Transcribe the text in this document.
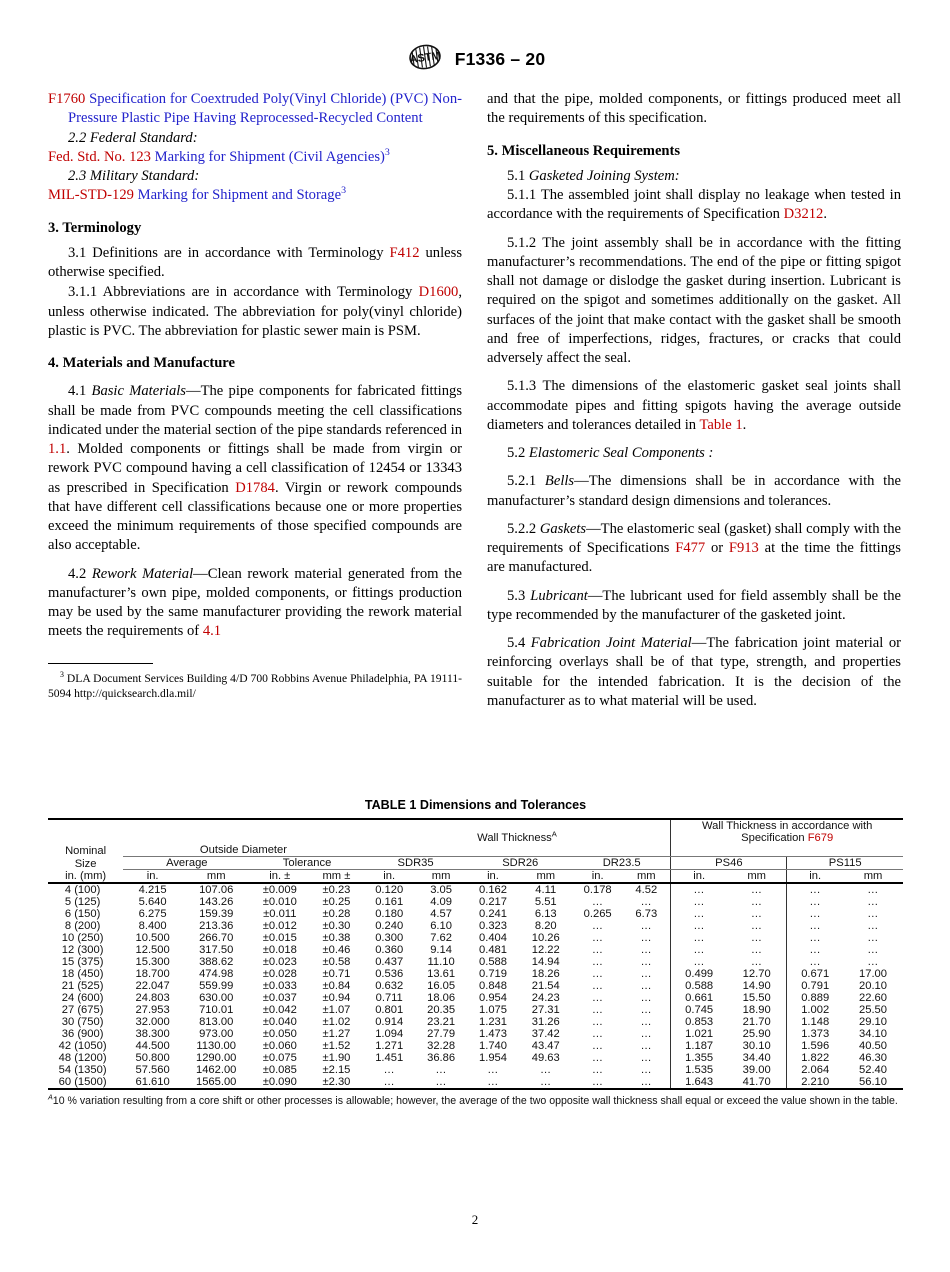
ASTM F1336 – 20

F1760 Specification for Coextruded Poly(Vinyl Chloride) (PVC) Non-Pressure Plastic Pipe Having Reprocessed-Recycled Content

2.2 Federal Standard:

Fed. Std. No. 123 Marking for Shipment (Civil Agencies)$^3$

2.3 Military Standard:

MIL-STD-129 Marking for Shipment and Storage$^3$

3. Terminology

3.1 Definitions are in accordance with Terminology F412 unless otherwise specified.

3.1.1 Abbreviations are in accordance with Terminology D1600, unless otherwise indicated. The abbreviation for poly(vinyl chloride) plastic is PVC. The abbreviation for plastic sewer main is PSM.

4. Materials and Manufacture

4.1 Basic Materials—The pipe components for fabricated fittings shall be made from PVC compounds meeting the cell classifications indicated under the material section of the pipe standards referenced in 1.1. Molded components or fittings shall be made from virgin or rework PVC compound having a cell classification of 12454 or 13343 as prescribed in Specification D1784. Virgin or rework compounds that have different cell classifications because one or more properties exceed the minimum requirements of those specified compounds are also acceptable.

4.2 Rework Material—Clean rework material generated from the manufacturer’s own pipe, molded components, or fittings production may be used by the same manufacturer providing the rework material meets the requirements of 4.1

$^3$ DLA Document Services Building 4/D 700 Robbins Avenue Philadelphia, PA 19111-5094 http://quicksearch.dla.mil/

and that the pipe, molded components, or fittings produced meet all the requirements of this specification.

5. Miscellaneous Requirements

5.1 Gasketed Joining System:

5.1.1 The assembled joint shall display no leakage when tested in accordance with the requirements of Specification D3212.

5.1.2 The joint assembly shall be in accordance with the fitting manufacturer’s recommendations. The end of the pipe or fitting spigot shall not damage or dislodge the gasket during insertion. Lubricant is required on the spigot and sometimes additionally on the gasket. All surfaces of the joint that make contact with the gasket shall be smooth and free of imperfections, ridges, fractures, or cracks that could adversely affect the seal.

5.1.3 The dimensions of the elastomeric gasket seal joints shall accommodate pipes and fitting spigots having the average outside diameters and tolerances detailed in Table 1.

5.2 Elastomeric Seal Components :

5.2.1 Bells—The dimensions shall be in accordance with the manufacturer’s standard design dimensions and tolerances.

5.2.2 Gaskets—The elastomeric seal (gasket) shall comply with the requirements of Specifications F477 or F913 at the time the fittings are manufactured.

5.3 Lubricant—The lubricant used for field assembly shall be the type recommended by the manufacturer of the gasketed joint.

5.4 Fabrication Joint Material—The fabrication joint material or reinforcing overlays shall be of that type, strength, and properties suitable for the intended fabrication. It is the decision of the manufacturer as to what material will be used.

TABLE 1 Dimensions and Tolerances
					Wall Thickness$^A$						Wall Thickness in accordance with
Specification F679			

Nominal	Outside Diameter													
Size	Average		Tolerance		SDR35		SDR26		DR23.5		PS46		PS115	
in. (mm)	in.	mm	in. ±	mm ±	in.	mm	in.	mm	in.	mm	in.	mm	in.	mm
4 (100)	4.215	107.06	±0.009	±0.23	0.120	3.05	0.162	4.11	0.178	4.52	...	...	...	...
5 (125)	5.640	143.26	±0.010	±0.25	0.161	4.09	0.217	5.51	...	...	...	...	...	...
6 (150)	6.275	159.39	±0.011	±0.28	0.180	4.57	0.241	6.13	0.265	6.73	...	...	...	...
8 (200)	8.400	213.36	±0.012	±0.30	0.240	6.10	0.323	8.20	...	...	...	...	...	...
10 (250)	10.500	266.70	±0.015	±0.38	0.300	7.62	0.404	10.26	...	...	...	...	...	...
12 (300)	12.500	317.50	±0.018	±0.46	0.360	9.14	0.481	12.22	...	...	...	...	...	...
15 (375)	15.300	388.62	±0.023	±0.58	0.437	11.10	0.588	14.94	...	...	...	...	...	...
18 (450)	18.700	474.98	±0.028	±0.71	0.536	13.61	0.719	18.26	...	...	0.499	12.70	0.671	17.00
21 (525)	22.047	559.99	±0.033	±0.84	0.632	16.05	0.848	21.54	...	...	0.588	14.90	0.791	20.10
24 (600)	24.803	630.00	±0.037	±0.94	0.711	18.06	0.954	24.23	...	...	0.661	15.50	0.889	22.60
27 (675)	27.953	710.01	±0.042	±1.07	0.801	20.35	1.075	27.31	...	...	0.745	18.90	1.002	25.50
30 (750)	32.000	813.00	±0.040	±1.02	0.914	23.21	1.231	31.26	...	...	0.853	21.70	1.148	29.10
36 (900)	38.300	973.00	±0.050	±1.27	1.094	27.79	1.473	37.42	...	...	1.021	25.90	1.373	34.10
42 (1050)	44.500	1130.00	±0.060	±1.52	1.271	32.28	1.740	43.47	...	...	1.187	30.10	1.596	40.50
48 (1200)	50.800	1290.00	±0.075	±1.90	1.451	36.86	1.954	49.63	...	...	1.355	34.40	1.822	46.30
54 (1350)	57.560	1462.00	±0.085	±2.15	...	...	...	...	...	...	1.535	39.00	2.064	52.40
60 (1500)	61.610	1565.00	±0.090	±2.30	...	...	...	...	...	...	1.643	41.70	2.210	56.10
$^A$10 % variation resulting from a core shift or other processes is allowable; however, the average of the two opposite wall thickness shall equal or exceed the value shown in the table.
2
